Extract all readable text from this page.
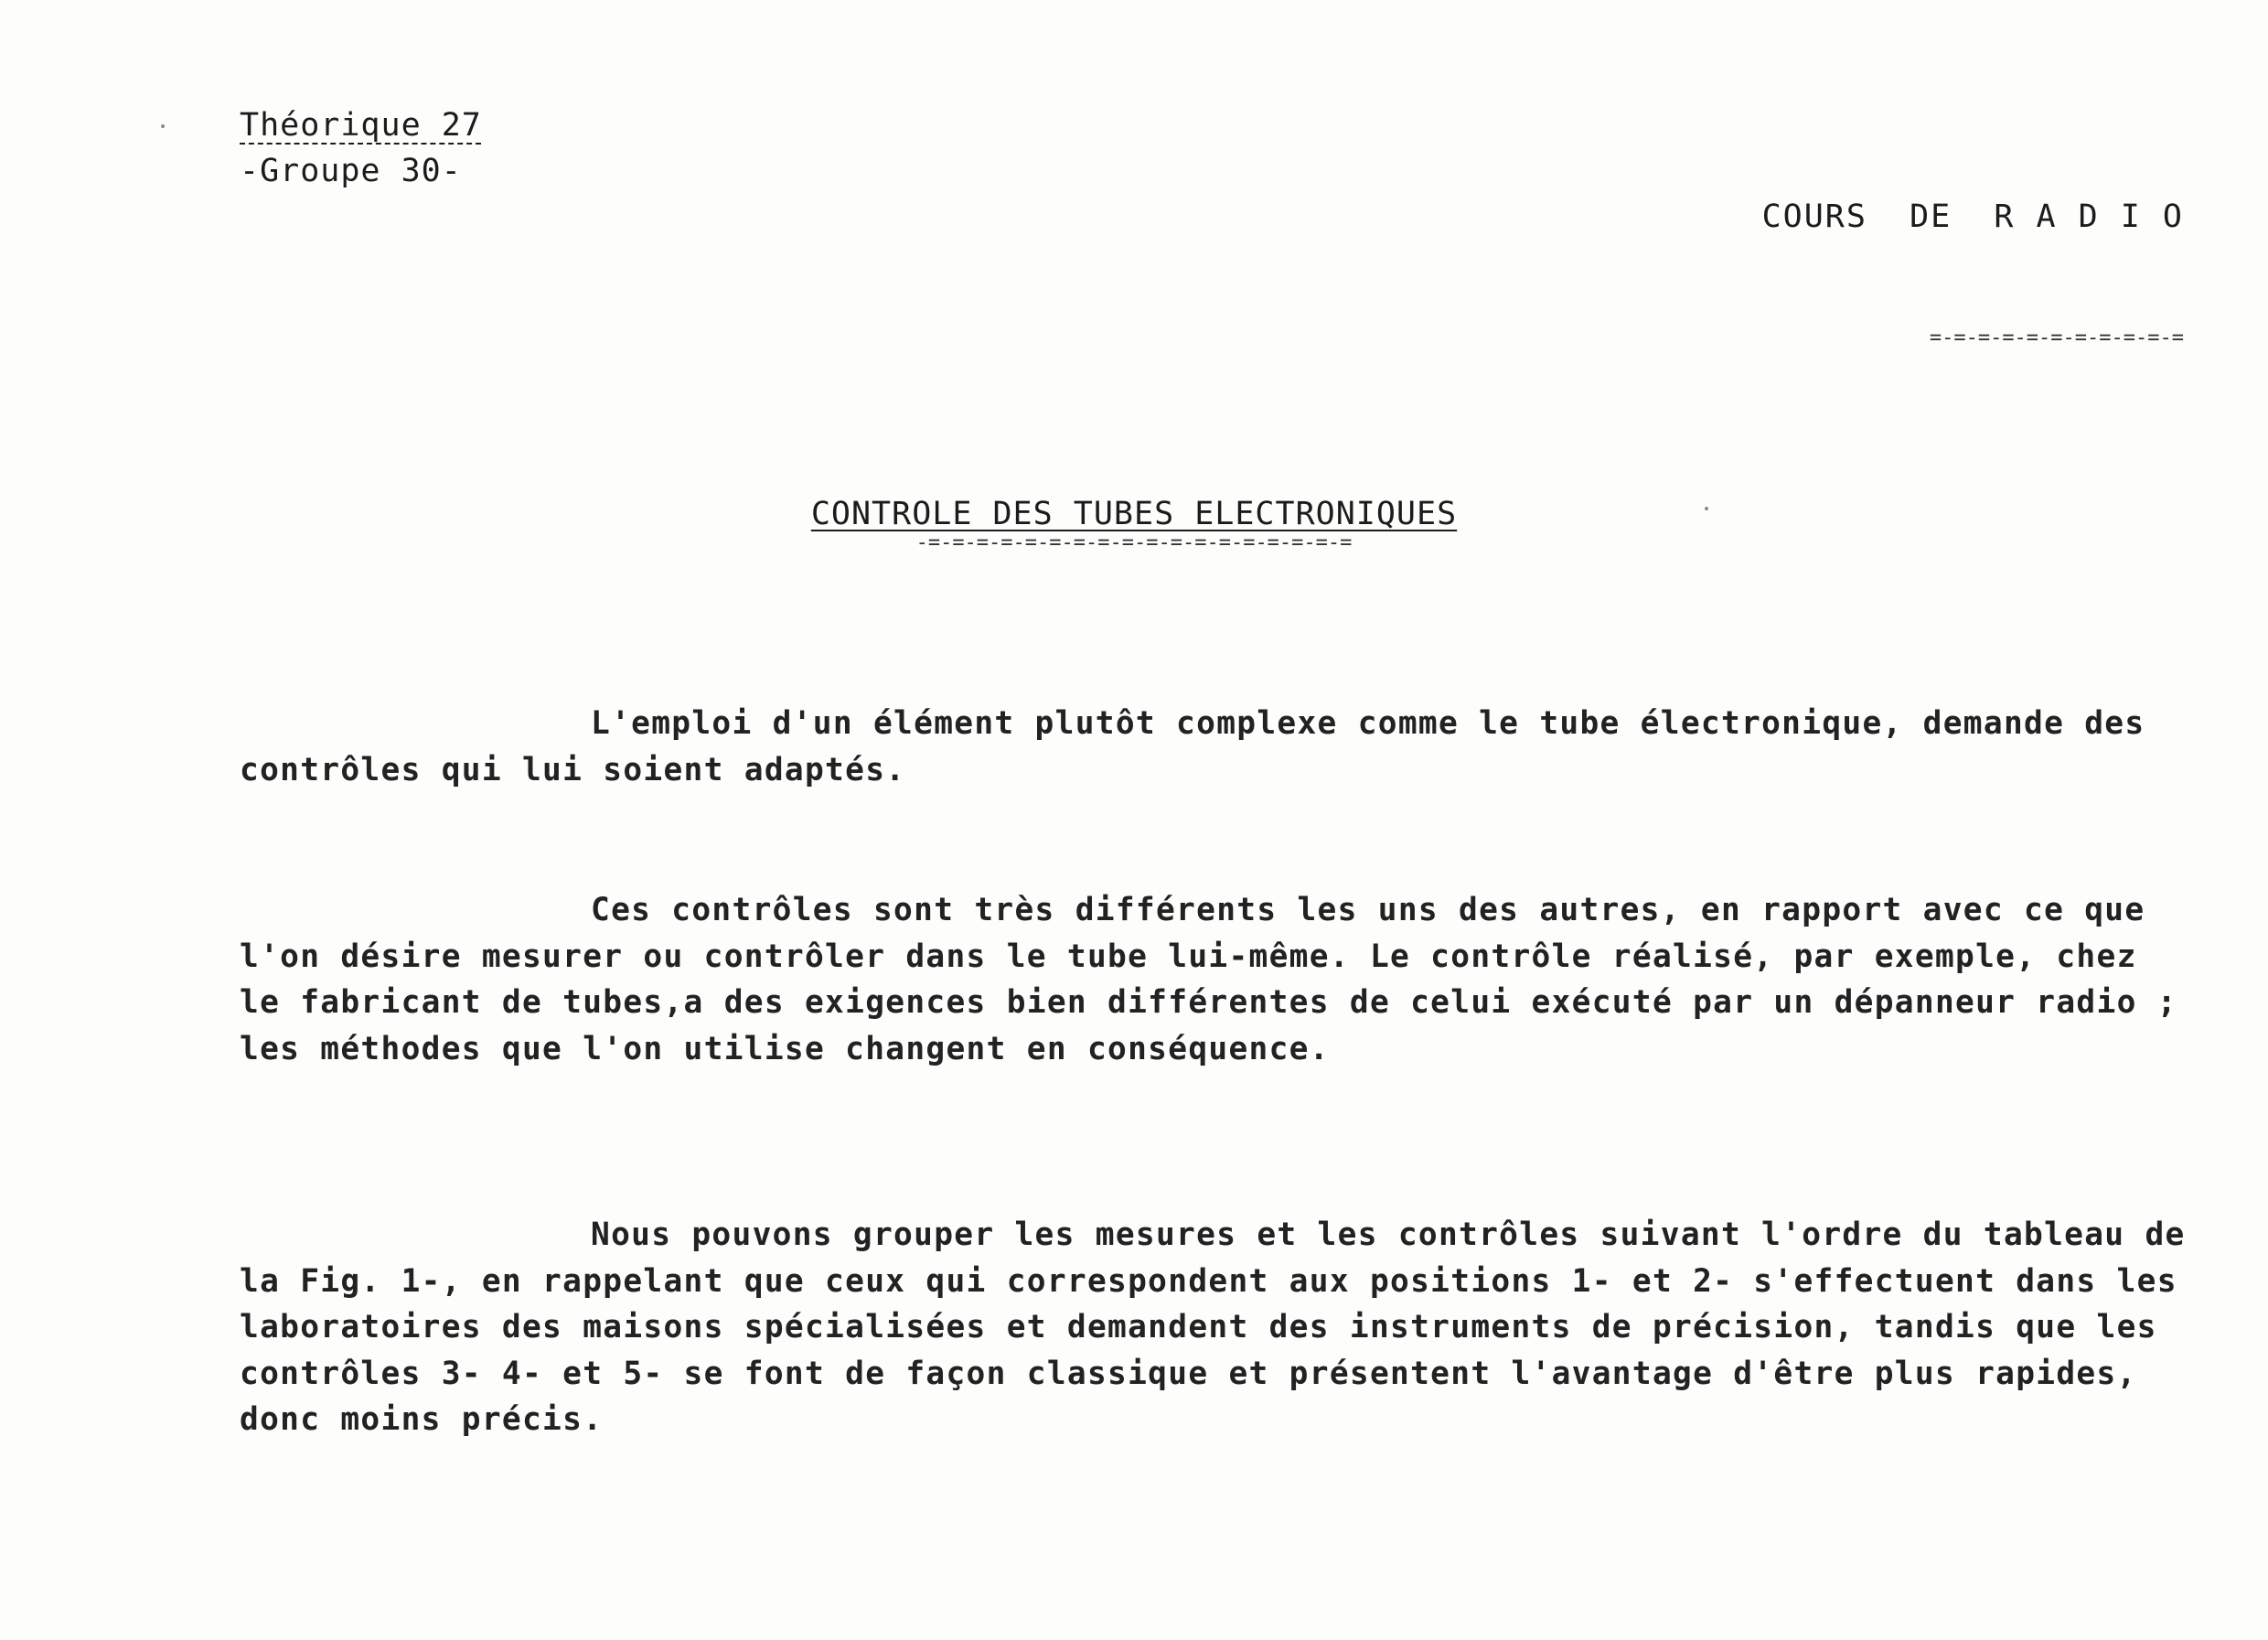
Théorique 27
-Groupe 30-

COURS  DE  R A D I O

=-=-=-=-=-=-=-=-=-=-=

CONTROLE DES TUBES ELECTRONIQUES
-=-=-=-=-=-=-=-=-=-=-=-=-=-=-=-=-=-=

L'emploi d'un élément plutôt complexe comme le tube électronique, demande des contrôles qui lui soient adaptés.

Ces contrôles sont très différents les uns des autres, en rapport avec ce que l'on désire mesurer ou contrôler dans le tube lui-même. Le contrôle réalisé, par exemple, chez le fabricant de tubes,a des exigences bien différentes de celui exécuté par un dépanneur radio ; les méthodes que l'on utilise changent en conséquence.

Nous pouvons grouper les mesures et les contrôles suivant l'ordre du tableau de la Fig. 1-, en rappelant que ceux qui correspondent aux positions 1- et 2- s'effectuent dans les laboratoires des maisons spécialisées et demandent des instruments de précision, tandis que les contrôles 3- 4- et 5- se font de façon classique et présentent l'avantage d'être plus rapides, donc moins précis.
